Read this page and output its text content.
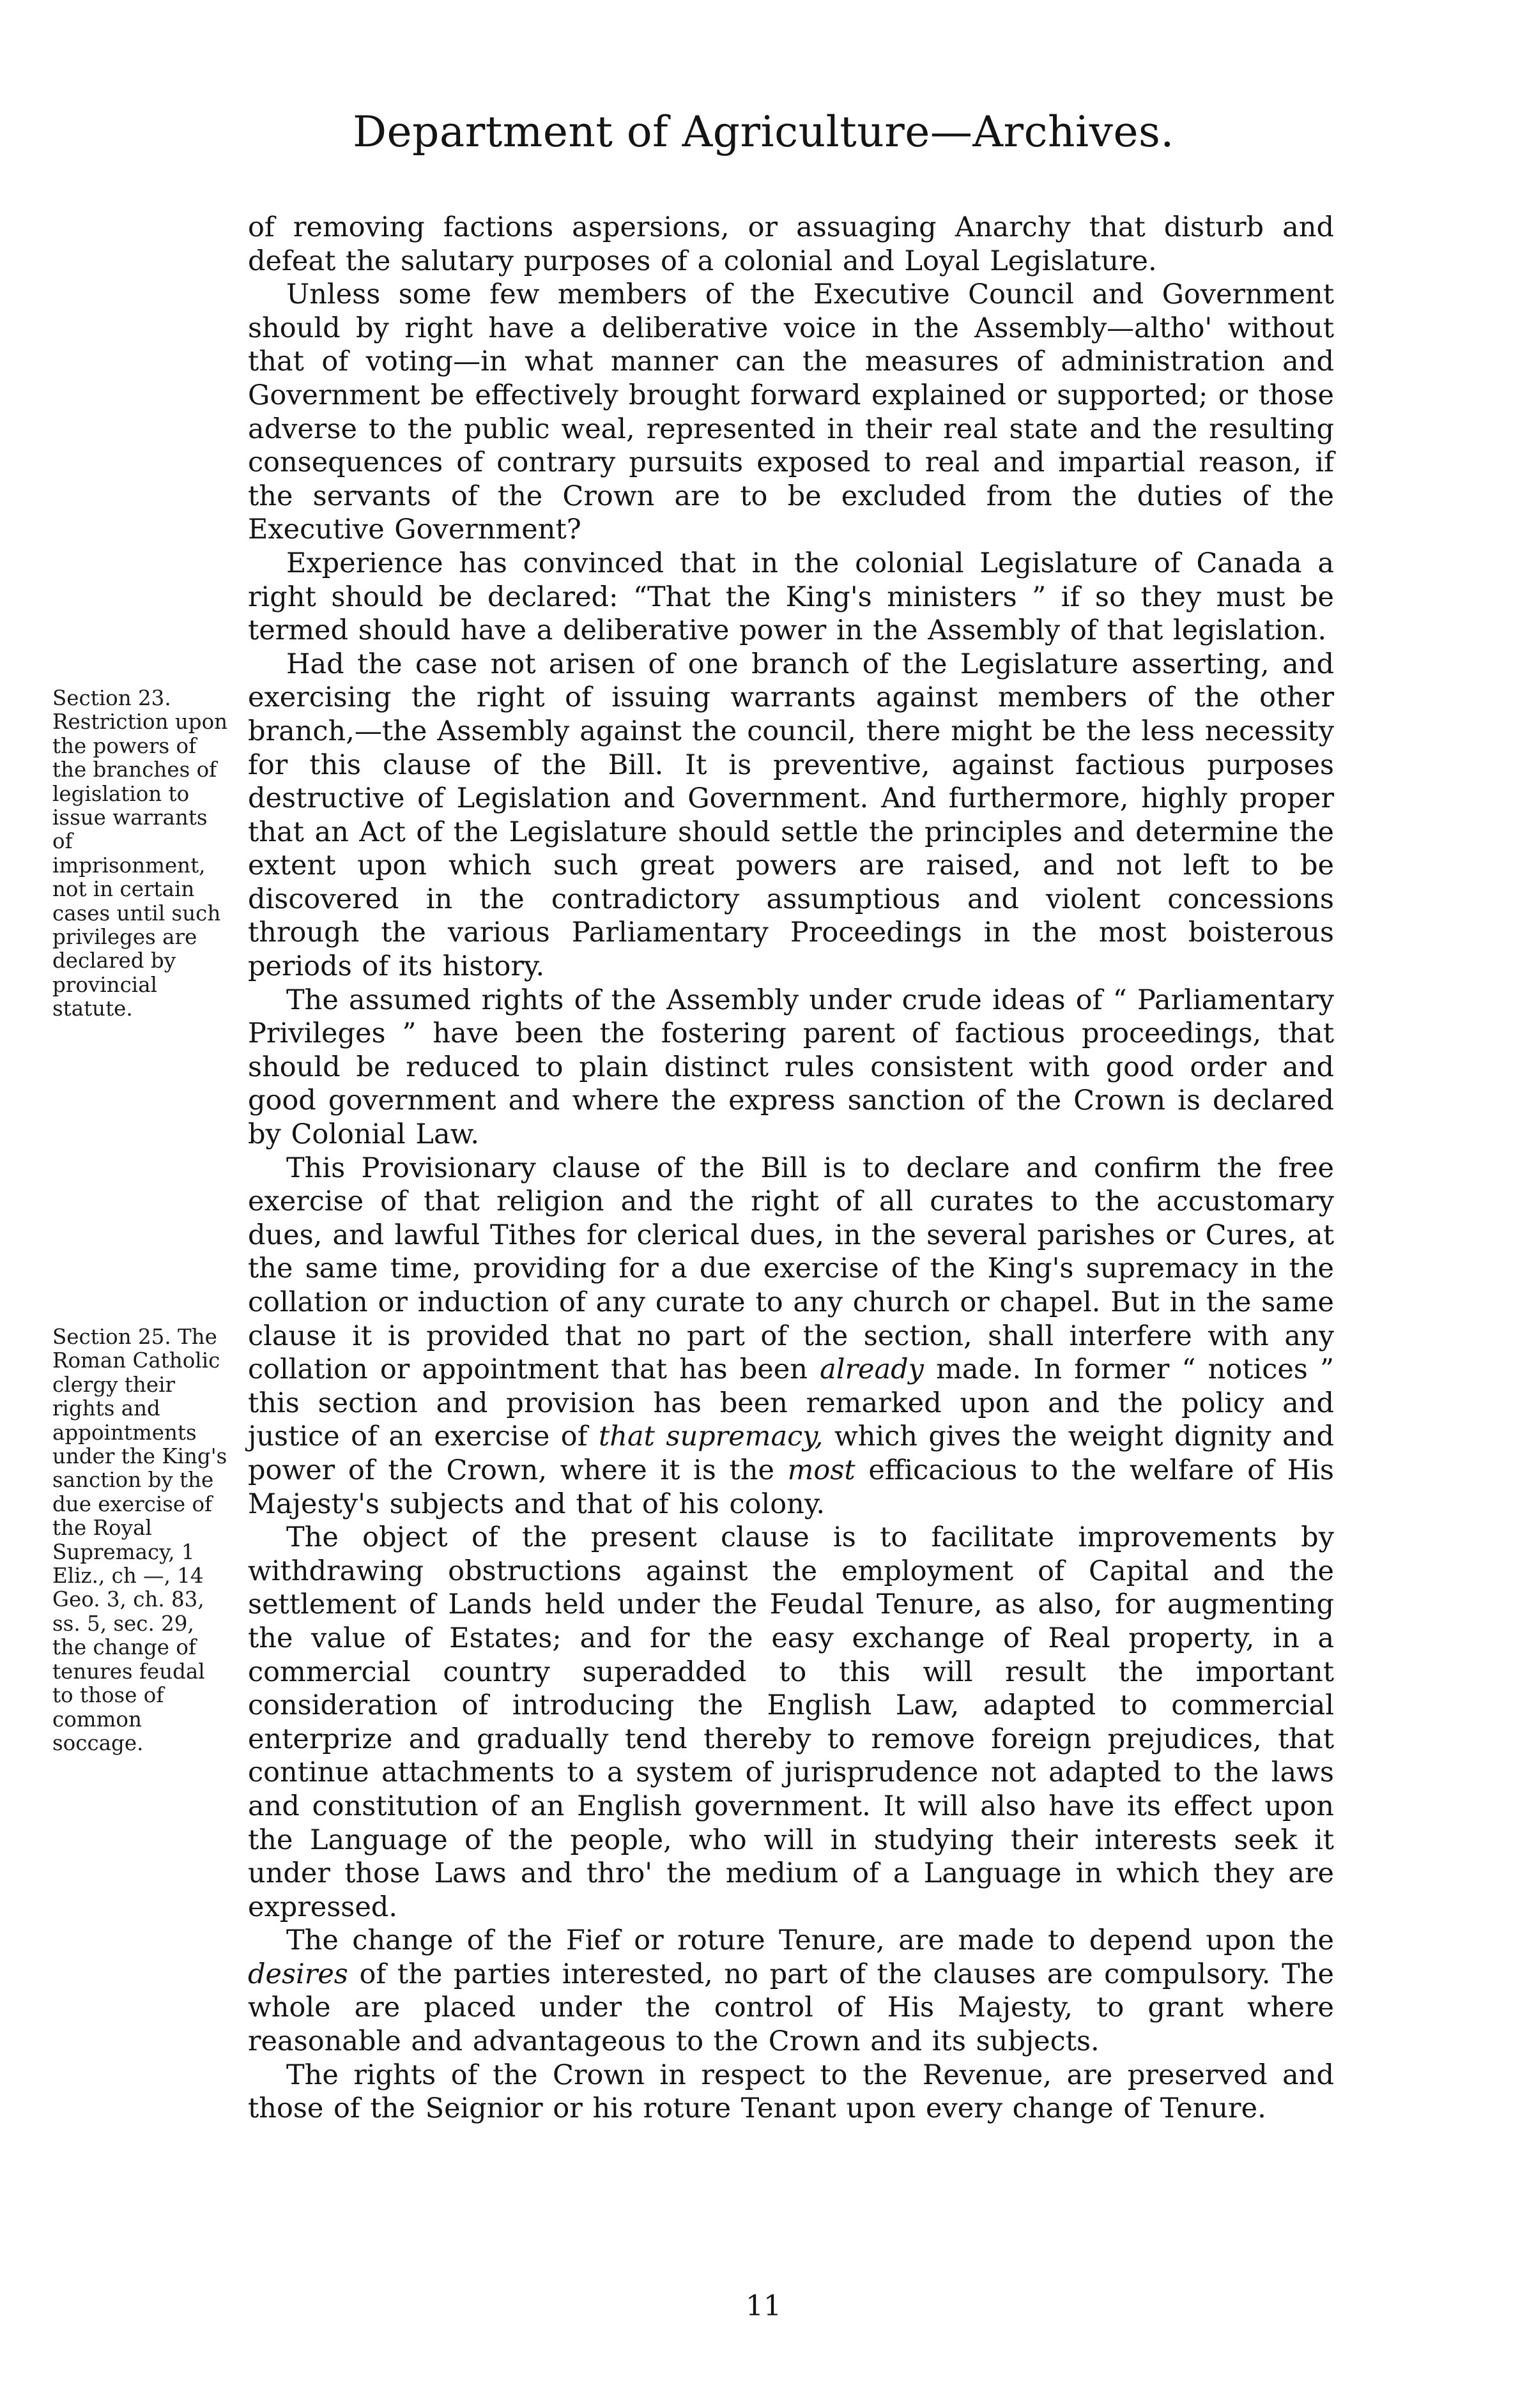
Department of Agriculture—Archives.
Section 23. Restriction upon the powers of the branches of legislation to issue warrants of imprisonment, not in certain cases until such privileges are declared by provincial statute.
Section 25. The Roman Catholic clergy their rights and appointments under the King's sanction by the due exercise of the Royal Supremacy, 1 Eliz., ch —, 14 Geo. 3, ch. 83, ss. 5, sec. 29, the change of tenures feudal to those of common soccage.

of removing factions aspersions, or assuaging Anarchy that disturb and defeat the salutary purposes of a colonial and Loyal Legislature.

Unless some few members of the Executive Council and Government should by right have a deliberative voice in the Assembly—altho' without that of voting—in what manner can the measures of administration and Government be effectively brought forward explained or supported; or those adverse to the public weal, represented in their real state and the resulting consequences of contrary pursuits exposed to real and impartial reason, if the servants of the Crown are to be excluded from the duties of the Executive Government?

Experience has convinced that in the colonial Legislature of Canada a right should be declared: “That the King's ministers ” if so they must be termed should have a deliberative power in the Assembly of that legislation.

Had the case not arisen of one branch of the Legislature asserting, and exercising the right of issuing warrants against members of the other branch,—the Assembly against the council, there might be the less necessity for this clause of the Bill. It is preventive, against factious purposes destructive of Legislation and Government. And furthermore, highly proper that an Act of the Legislature should settle the principles and determine the extent upon which such great powers are raised, and not left to be discovered in the contradictory assumptious and violent concessions through the various Parliamentary Proceedings in the most boisterous periods of its history.

The assumed rights of the Assembly under crude ideas of “ Parliamentary Privileges ” have been the fostering parent of factious proceedings, that should be reduced to plain distinct rules consistent with good order and good government and where the express sanction of the Crown is declared by Colonial Law.

This Provisionary clause of the Bill is to declare and confirm the free exercise of that religion and the right of all curates to the accustomary dues, and lawful Tithes for clerical dues, in the several parishes or Cures, at the same time, providing for a due exercise of the King's supremacy in the collation or induction of any curate to any church or chapel. But in the same clause it is provided that no part of the section, shall interfere with any collation or appointment that has been already made. In former “ notices ” this section and provision has been remarked upon and the policy and justice of an exercise of that supremacy, which gives the weight dignity and power of the Crown, where it is the most efficacious to the welfare of His Majesty's subjects and that of his colony.

The object of the present clause is to facilitate improvements by withdrawing obstructions against the employment of Capital and the settlement of Lands held under the Feudal Tenure, as also, for augmenting the value of Estates; and for the easy exchange of Real property, in a commercial country superadded to this will result the important consideration of introducing the English Law, adapted to commercial enterprize and gradually tend thereby to remove foreign prejudices, that continue attachments to a system of jurisprudence not adapted to the laws and constitution of an English government. It will also have its effect upon the Language of the people, who will in studying their interests seek it under those Laws and thro' the medium of a Language in which they are expressed.

The change of the Fief or roture Tenure, are made to depend upon the desires of the parties interested, no part of the clauses are compulsory. The whole are placed under the control of His Majesty, to grant where reasonable and advantageous to the Crown and its subjects.

The rights of the Crown in respect to the Revenue, are preserved and those of the Seignior or his roture Tenant upon every change of Tenure.

11
